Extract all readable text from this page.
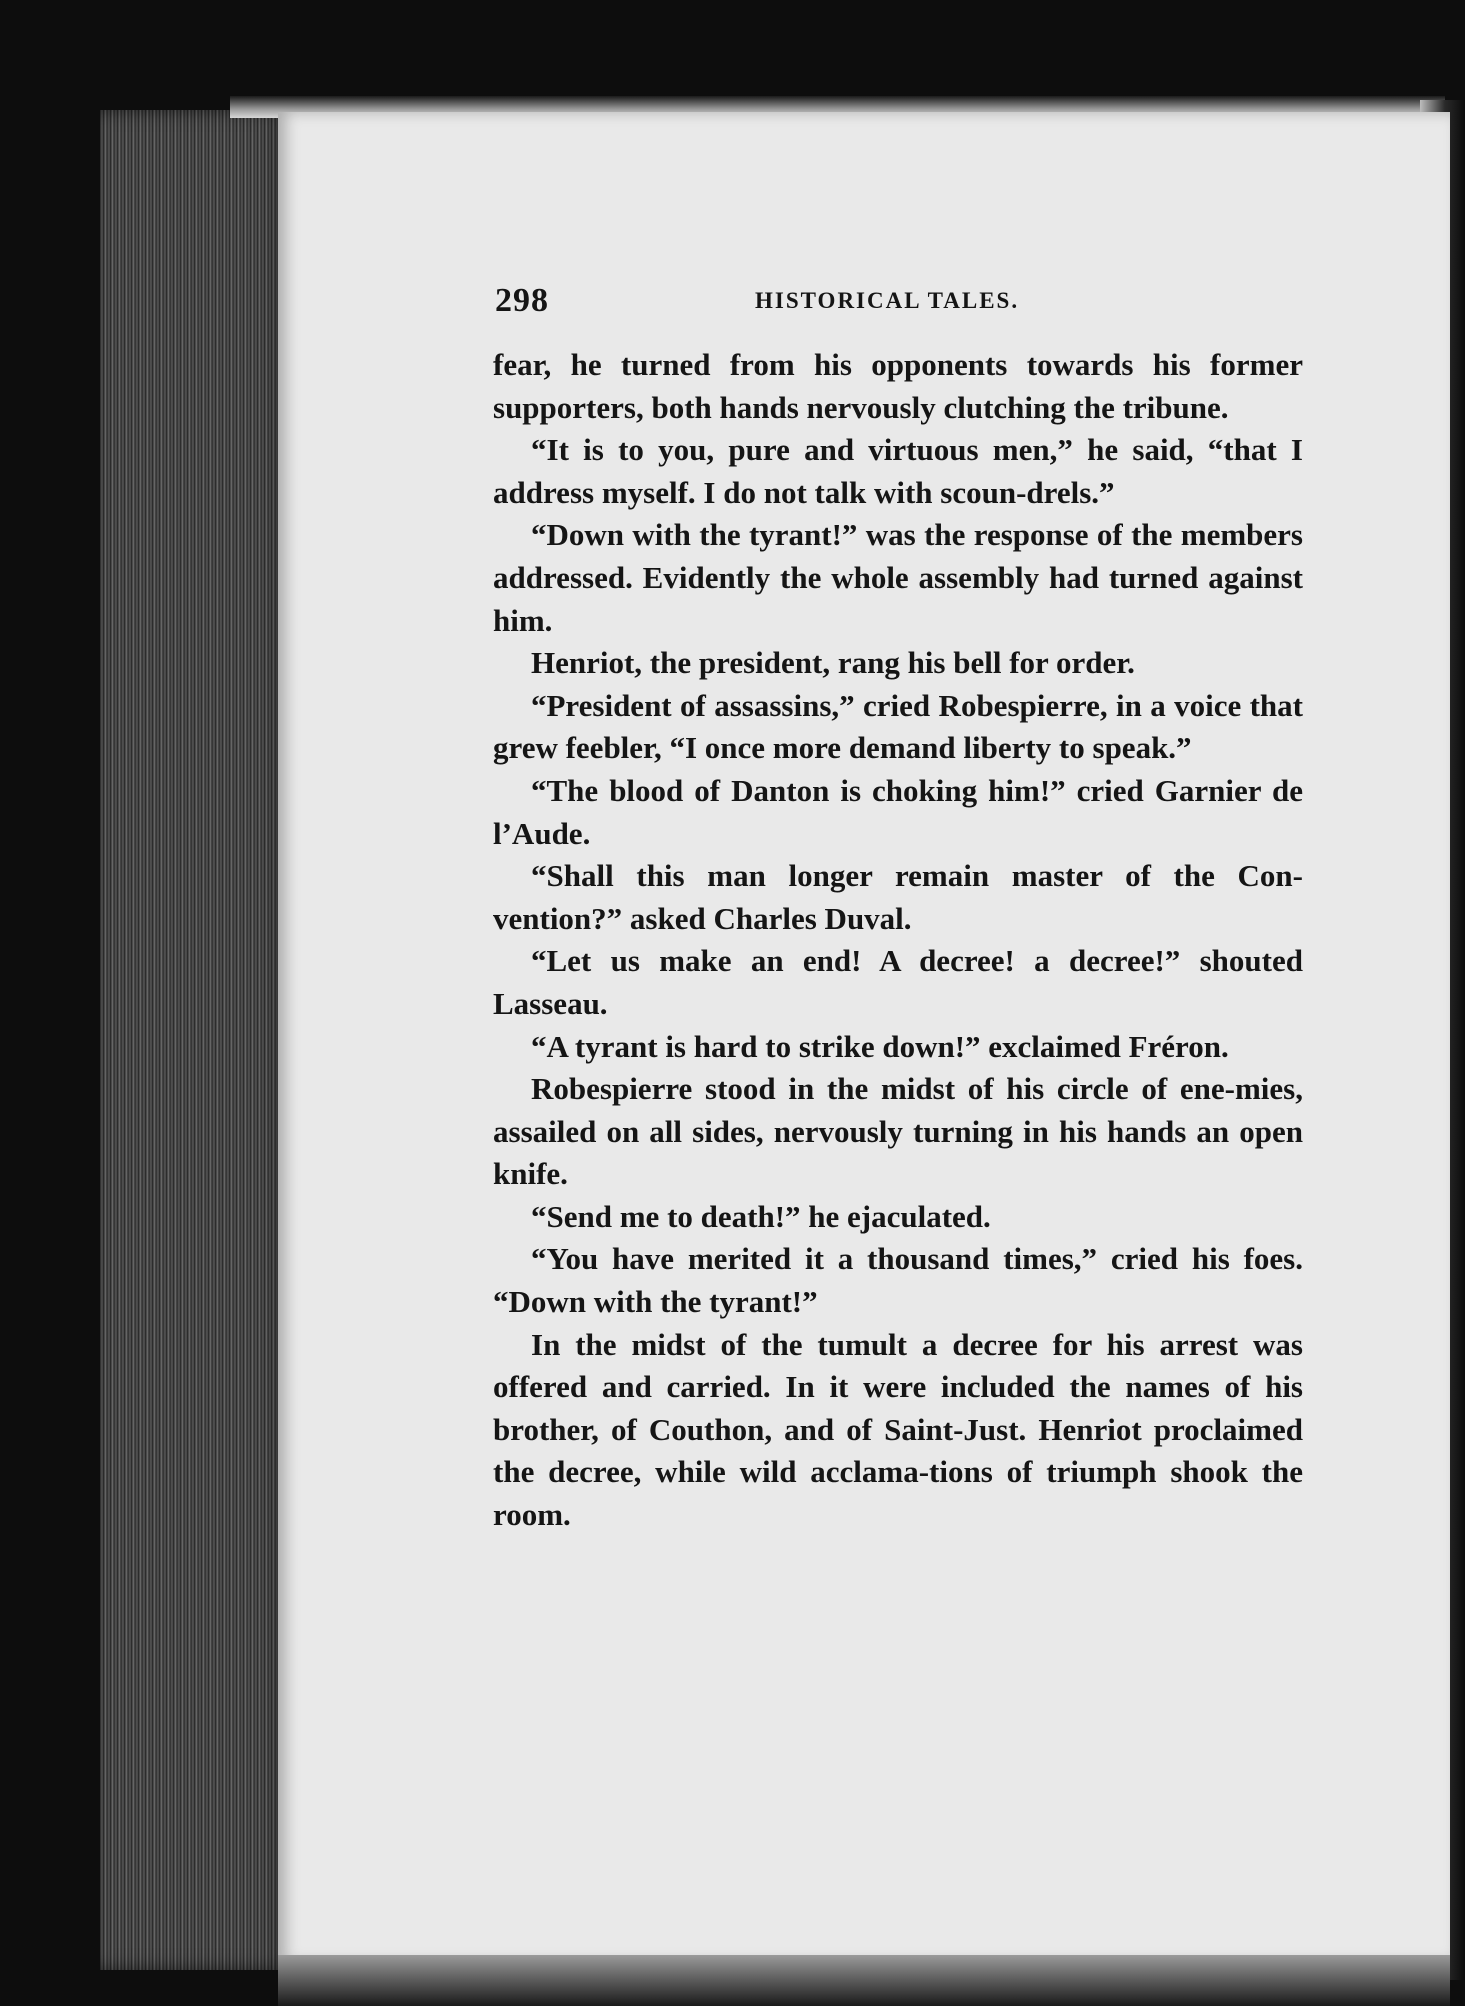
298	HISTORICAL TALES.

fear, he turned from his opponents towards his former supporters, both hands nervously clutching the tribune.

“It is to you, pure and virtuous men,” he said, “that I address myself. I do not talk with scoun-drels.”

“Down with the tyrant!” was the response of the members addressed. Evidently the whole assembly had turned against him.

Henriot, the president, rang his bell for order.

“President of assassins,” cried Robespierre, in a voice that grew feebler, “I once more demand liberty to speak.”

“The blood of Danton is choking him!” cried Garnier de l’Aude.

“Shall this man longer remain master of the Con-vention?” asked Charles Duval.

“Let us make an end! A decree! a decree!” shouted Lasseau.

“A tyrant is hard to strike down!” exclaimed Fréron.

Robespierre stood in the midst of his circle of ene-mies, assailed on all sides, nervously turning in his hands an open knife.

“Send me to death!” he ejaculated.

“You have merited it a thousand times,” cried his foes. “Down with the tyrant!”

In the midst of the tumult a decree for his arrest was offered and carried. In it were included the names of his brother, of Couthon, and of Saint-Just. Henriot proclaimed the decree, while wild acclama-tions of triumph shook the room.
